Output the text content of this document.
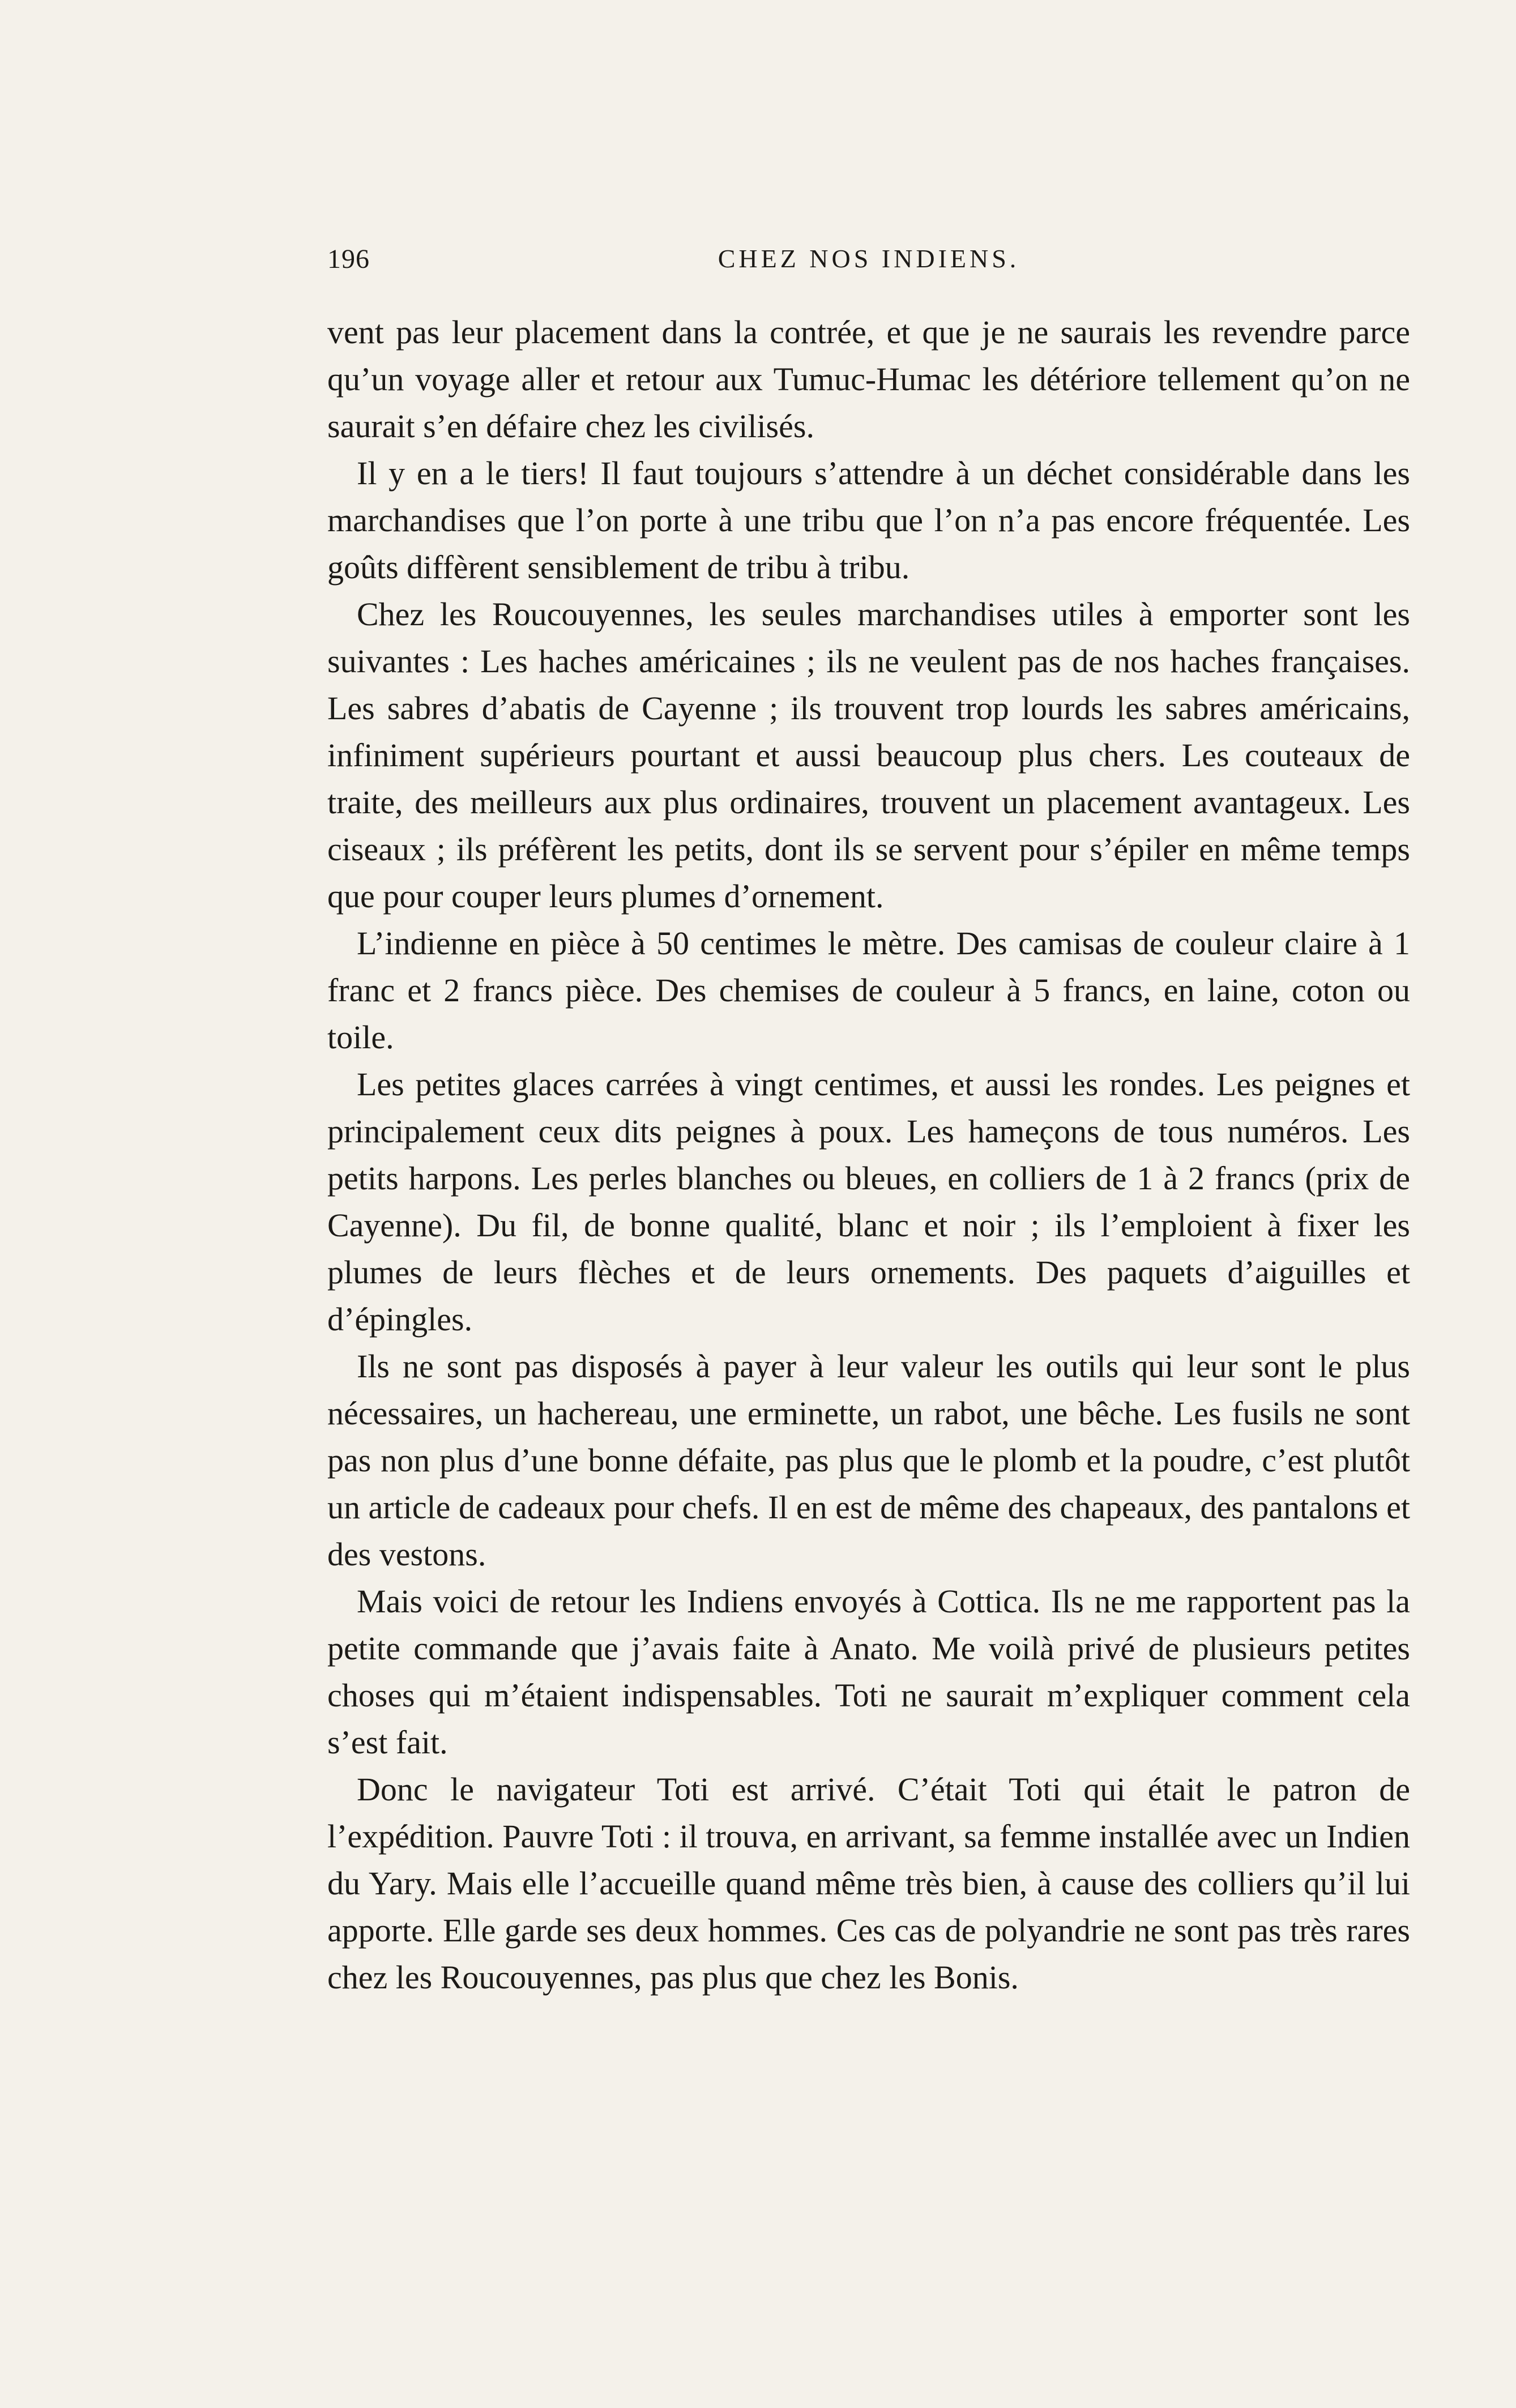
196	CHEZ NOS INDIENS.

vent pas leur placement dans la contrée, et que je ne saurais les revendre parce qu’un voyage aller et retour aux Tumuc-Humac les détériore tellement qu’on ne saurait s’en défaire chez les civilisés.

Il y en a le tiers! Il faut toujours s’attendre à un déchet considérable dans les marchandises que l’on porte à une tribu que l’on n’a pas encore fréquentée. Les goûts diffèrent sensiblement de tribu à tribu.

Chez les Roucouyennes, les seules marchandises utiles à emporter sont les suivantes : Les haches américaines ; ils ne veulent pas de nos haches françaises. Les sabres d’abatis de Cayenne ; ils trouvent trop lourds les sabres américains, infiniment supérieurs pourtant et aussi beaucoup plus chers. Les couteaux de traite, des meilleurs aux plus ordinaires, trouvent un placement avantageux. Les ciseaux ; ils préfèrent les petits, dont ils se servent pour s’épiler en même temps que pour couper leurs plumes d’ornement.

L’indienne en pièce à 50 centimes le mètre. Des camisas de couleur claire à 1 franc et 2 francs pièce. Des chemises de couleur à 5 francs, en laine, coton ou toile.

Les petites glaces carrées à vingt centimes, et aussi les rondes. Les peignes et principalement ceux dits peignes à poux. Les hameçons de tous numéros. Les petits harpons. Les perles blanches ou bleues, en colliers de 1 à 2 francs (prix de Cayenne). Du fil, de bonne qualité, blanc et noir ; ils l’emploient à fixer les plumes de leurs flèches et de leurs ornements. Des paquets d’aiguilles et d’épingles.

Ils ne sont pas disposés à payer à leur valeur les outils qui leur sont le plus nécessaires, un hachereau, une erminette, un rabot, une bêche. Les fusils ne sont pas non plus d’une bonne défaite, pas plus que le plomb et la poudre, c’est plutôt un article de cadeaux pour chefs. Il en est de même des chapeaux, des pantalons et des vestons.

Mais voici de retour les Indiens envoyés à Cottica. Ils ne me rapportent pas la petite commande que j’avais faite à Anato. Me voilà privé de plusieurs petites choses qui m’étaient indispensables. Toti ne saurait m’expliquer comment cela s’est fait.

Donc le navigateur Toti est arrivé. C’était Toti qui était le patron de l’expédition. Pauvre Toti : il trouva, en arrivant, sa femme installée avec un Indien du Yary. Mais elle l’accueille quand même très bien, à cause des colliers qu’il lui apporte. Elle garde ses deux hommes. Ces cas de polyandrie ne sont pas très rares chez les Roucouyennes, pas plus que chez les Bonis.
